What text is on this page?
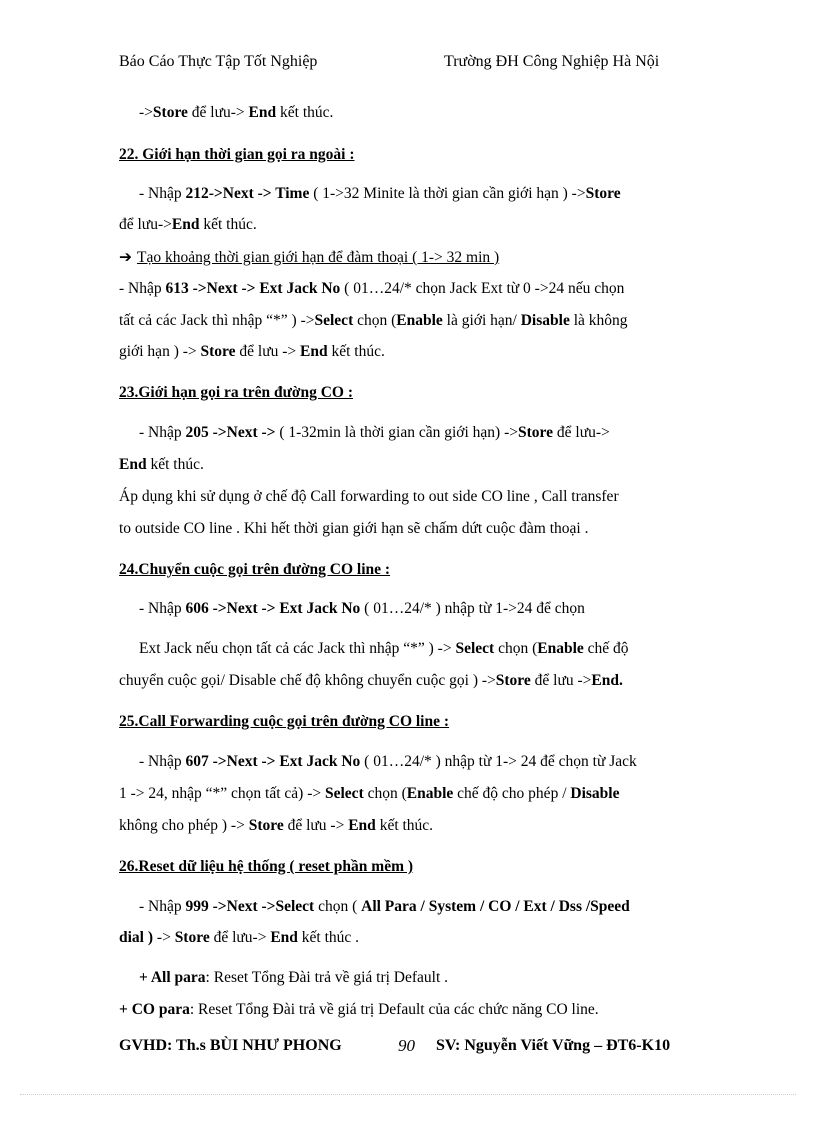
Báo Cáo Thực Tập Tốt Nghiệp	Trường ĐH Công Nghiệp Hà Nội
->Store để lưu-> End kết thúc.
22. Giới hạn thời gian gọi ra ngoài :
- Nhập 212->Next -> Time ( 1->32 Minite là thời gian cần giới hạn ) ->Store
để lưu->End kết thúc.
➔ Tạo khoảng thời gian giới hạn để đàm thoại ( 1-> 32 min )
- Nhập 613 ->Next -> Ext Jack No ( 01…24/* chọn Jack Ext từ 0 ->24 nếu chọn
tất cả các Jack thì nhập “*” ) ->Select chọn (Enable là giới hạn/ Disable là không
giới hạn ) -> Store để lưu -> End kết thúc.
23.Giới hạn gọi ra trên đường CO :
- Nhập 205 ->Next -> ( 1-32min là thời gian cần giới hạn) ->Store để lưu->
End kết thúc.
Áp dụng khi sử dụng ở chế độ Call forwarding to out side CO line , Call transfer
to outside CO line . Khi hết thời gian giới hạn sẽ chấm dứt cuộc đàm thoại .
24.Chuyển cuộc gọi trên đường CO line :
- Nhập 606 ->Next -> Ext Jack No ( 01…24/* ) nhập từ 1->24 để chọn
Ext Jack nếu chọn tất cả các Jack thì nhập “*” ) -> Select chọn (Enable chế độ
chuyển cuộc gọi/ Disable chế độ không chuyển cuộc gọi ) ->Store để lưu ->End.
25.Call Forwarding cuộc gọi trên đường CO line :
- Nhập 607 ->Next -> Ext Jack No ( 01…24/* ) nhập từ 1-> 24 để chọn từ Jack
1 -> 24, nhập “*” chọn tất cả) -> Select chọn (Enable chế độ cho phép / Disable
không cho phép ) -> Store để lưu -> End kết thúc.
26.Reset dữ liệu hệ thống ( reset phần mềm )
- Nhập 999 ->Next ->Select chọn ( All Para / System / CO / Ext / Dss /Speed
dial ) -> Store để lưu-> End kết thúc .
+ All para: Reset Tổng Đài trả về giá trị Default .
+ CO para: Reset Tổng Đài trả về giá trị Default của các chức năng CO line.
GVHD: Th.s BÙI NHƯ PHONG	90 SV: Nguyễn Viết Vững – ĐT6-K10
